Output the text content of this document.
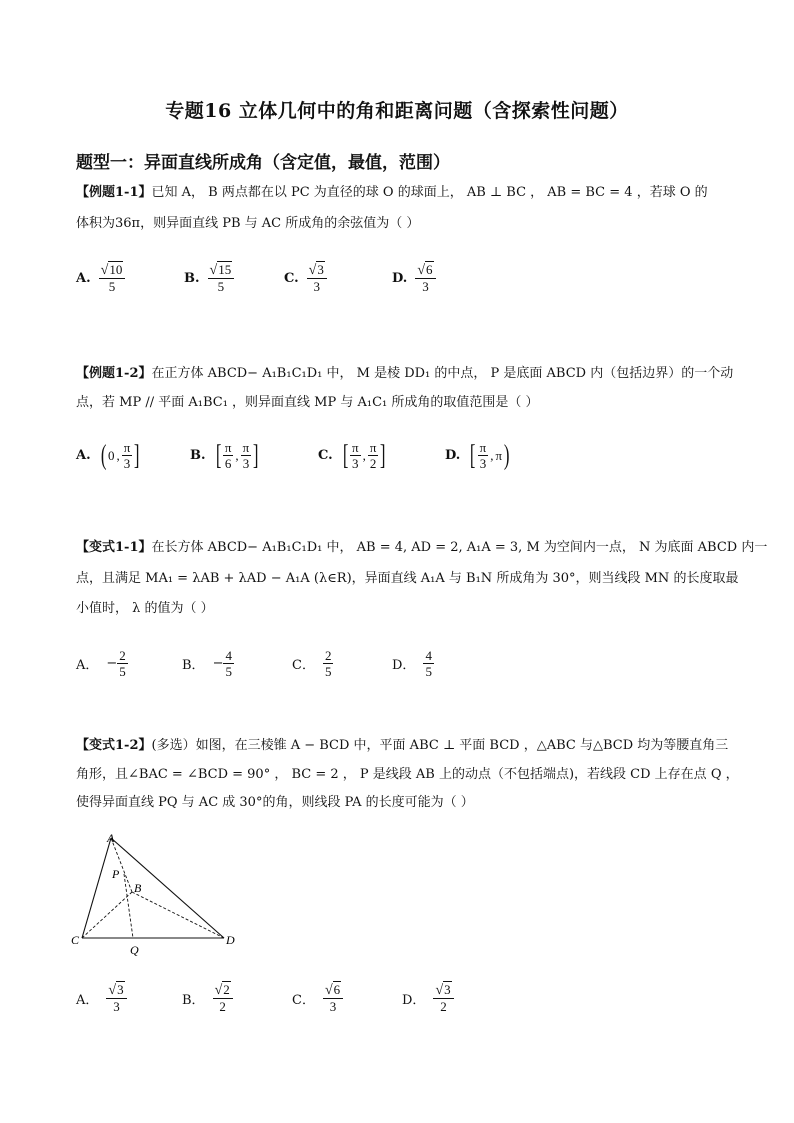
专题16 立体几何中的角和距离问题（含探索性问题）
题型一：异面直线所成角（含定值，最值，范围）
【例题1-1】已知 A， B 两点都在以 PC 为直径的球 O 的球面上， AB ⊥ BC ， AB = BC = 4 ，若球 O 的
体积为36π，则异面直线 PB 与 AC 所成角的余弦值为（ ）
A. $\frac{√10}{5}$	B. $\frac{√15}{5}$	C. $\frac{√3}{3}$	D. $\frac{√6}{3}$
【例题1-2】在正方体 ABCD− A₁B₁C₁D₁ 中， M 是棱 DD₁ 的中点， P 是底面 ABCD 内（包括边界）的一个动
点，若 MP // 平面 A₁BC₁ ，则异面直线 MP 与 A₁C₁ 所成角的取值范围是（ ）
A. ( 0 , $\frac{\pi}{3}$ ]	B. [ $\frac{\pi}{6}$ , $\frac{\pi}{3}$ ]	C. [ $\frac{\pi}{3}$ , $\frac{\pi}{2}$ ]	D. [ $\frac{\pi}{3}$ , π )
【变式1-1】在长方体 ABCD− A₁B₁C₁D₁ 中， AB = 4, AD = 2, A₁A = 3, M 为空间内一点， N 为底面 ABCD 内一
点，且满足 MA₁ = λAB + λAD − A₁A (λ∈R)，异面直线 A₁A 与 B₁N 所成角为 30°，则当线段 MN 的长度取最
小值时， λ 的值为（ ）
A． − $\frac{2}{5}$	B． − $\frac{4}{5}$	C． $\frac{2}{5}$	D． $\frac{4}{5}$
【变式1-2】(多选）如图，在三棱锥 A − BCD 中，平面 ABC ⊥ 平面 BCD ，△ABC 与△BCD 均为等腰直角三
角形，且∠BAC = ∠BCD = 90° ， BC = 2 ， P 是线段 AB 上的动点（不包括端点)，若线段 CD 上存在点 Q ，
使得异面直线 PQ 与 AC 成 30°的角，则线段 PA 的长度可能为（ ）
A
B
C	D
P
Q
A． $\frac{√3}{3}$	B． $\frac{√2}{2}$	C． $\frac{√6}{3}$	D． $\frac{√3}{2}$
